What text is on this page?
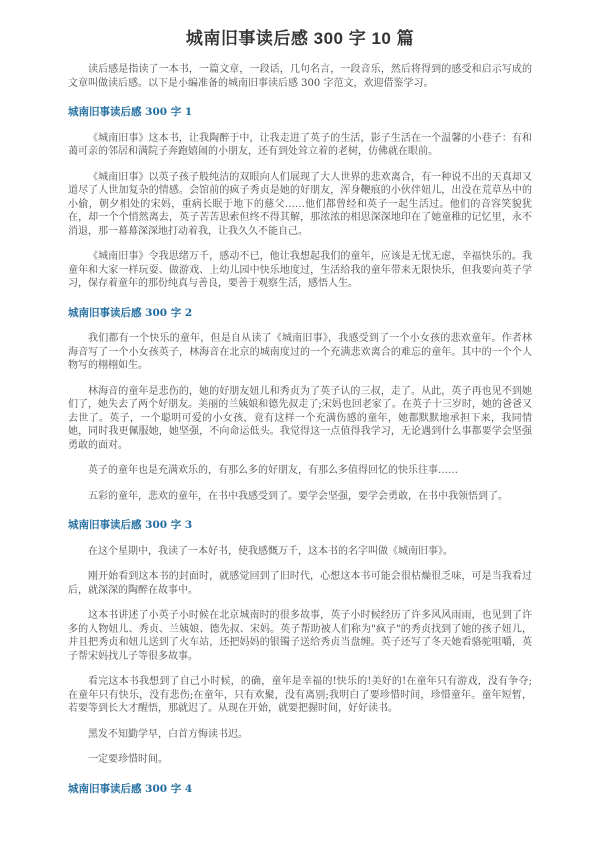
城南旧事读后感 300 字 10 篇

读后感是指读了一本书，一篇文章，一段话，几句名言，一段音乐，然后将得到的感受和启示写成的文章叫做读后感。以下是小编准备的城南旧事读后感 300 字范文，欢迎借鉴学习。

城南旧事读后感 300 字 1

《城南旧事》这本书，让我陶醉于中，让我走进了英子的生活，影子生活在一个温馨的小巷子：有和蔼可亲的邻居和满院子奔跑嬉闹的小朋友，还有到处耸立着的老树，仿佛就在眼前。

《城南旧事》以英子孩子般纯洁的双眼向人们展现了大人世界的悲欢离合，有一种说不出的天真却又道尽了人世加复杂的情感。会馆前的疯子秀贞是她的好朋友，浑身鞭痕的小伙伴妞儿，出没在荒草丛中的小偷，朝夕相处的宋妈，重病长眠于地下的慈父……他们都曾经和英子一起生活过。他们的音容笑貌犹在，却一个个悄然离去，英子苦苦思索但终不得其解，那浓浓的相思深深地印在了她童稚的记忆里，永不消退，那一幕幕深深地打动着我，让我久久不能自己。

《城南旧事》令我思绪万千，感动不已，他让我想起我们的童年，应该是无忧无虑，幸福快乐的。我童年和大家一样玩耍、做游戏、上幼儿园中快乐地度过，生活给我的童年带来无限快乐，但我要向英子学习，保存着童年的那份纯真与善良，要善于观察生活，感悟人生。

城南旧事读后感 300 字 2

我们都有一个快乐的童年，但是自从读了《城南旧事》，我感受到了一个小女孩的悲欢童年。作者林海音写了一个小女孩英子，林海音在北京的城南度过的一个充满悲欢离合的难忘的童年。其中的一个个人物写的栩栩如生。

林海音的童年是悲伤的，她的好朋友妞儿和秀贞为了英子认的三叔，走了。从此，英子再也见不到她们了，她失去了两个好朋友。美丽的兰姨娘和德先叔走了;宋妈也回老家了。在英子十三岁时，她的爸爸又去世了。英子，一个聪明可爱的小女孩，竟有这样一个充满伤感的童年，她都默默地承担下来，我同情她，同时我更佩服她，她坚强，不向命运低头。我觉得这一点值得我学习，无论遇到什么事都要学会坚强勇敢的面对。

英子的童年也是充满欢乐的，有那么多的好朋友，有那么多值得回忆的快乐往事……

五彩的童年，悲欢的童年，在书中我感受到了。要学会坚强，要学会勇敢，在书中我领悟到了。

城南旧事读后感 300 字 3

在这个星期中，我读了一本好书，使我感慨万千，这本书的名字叫做《城南旧事》。

刚开始看到这本书的封面时，就感觉回到了旧时代，心想这本书可能会很枯燥很乏味，可是当我看过后，就深深的陶醉在故事中。

这本书讲述了小英子小时候在北京城南时的很多故事，英子小时候经历了许多风风雨雨，也见到了许多的人物妞儿、秀贞、兰姨娘、德先叔、宋妈。英子帮助被人们称为"疯子"的秀贞找到了她的孩子妞儿，并且把秀贞和妞儿送到了火车站，还把妈妈的银镯子送给秀贞当盘缠。英子还写了冬天她看骆驼咀嚼，英子帮宋妈找儿子等很多故事。

看完这本书我想到了自己小时候，的确，童年是幸福的!快乐的!美好的!在童年只有游戏，没有争夺;在童年只有快乐，没有悲伤;在童年，只有欢聚，没有离别;我明白了要珍惜时间，珍惜童年。童年短暂，若要等到长大才醒悟，那就迟了。从现在开始，就要把握时间，好好读书。

黑发不知勤学早，白首方悔读书迟。

一定要珍惜时间。

城南旧事读后感 300 字 4
